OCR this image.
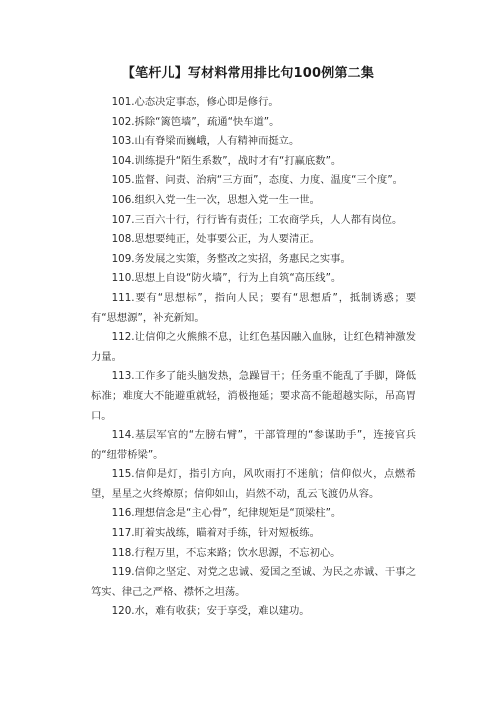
【笔杆儿】写材料常用排比句100例第二集

101.心态决定事态，修心即是修行。

102.拆除“篱笆墙”，疏通“快车道”。

103.山有脊梁而巍峨，人有精神而挺立。

104.训练提升“陌生系数”，战时才有“打赢底数”。

105.监督、问责、治病“三方面”，态度、力度、温度“三个度”。

106.组织入党一生一次，思想入党一生一世。

107.三百六十行，行行皆有责任；工农商学兵，人人都有岗位。

108.思想要纯正，处事要公正，为人要清正。

109.务发展之实策，务整改之实招，务惠民之实事。

110.思想上自设“防火墙”，行为上自筑“高压线”。

111.要有“思想标”，指向人民；要有“思想盾”，抵制诱惑；要有“思想源”，补充新知。

112.让信仰之火熊熊不息，让红色基因融入血脉，让红色精神激发力量。

113.工作多了能头脑发热，急躁冒干；任务重不能乱了手脚，降低标准；难度大不能避重就轻，消极拖延；要求高不能超越实际，吊高胃口。

114.基层军官的“左膀右臂”，干部管理的“参谋助手”，连接官兵的“纽带桥梁”。

115.信仰是灯，指引方向，风吹雨打不迷航；信仰似火，点燃希望，星星之火终燎原；信仰如山，岿然不动，乱云飞渡仍从容。

116.理想信念是“主心骨”，纪律规矩是“顶梁柱”。

117.盯着实战练，瞄着对手练，针对短板练。

118.行程万里，不忘来路；饮水思源，不忘初心。

119.信仰之坚定、对党之忠诚、爱国之至诚、为民之赤诚、干事之笃实、律己之严格、襟怀之坦荡。

120.水，难有收获；安于享受，难以建功。
